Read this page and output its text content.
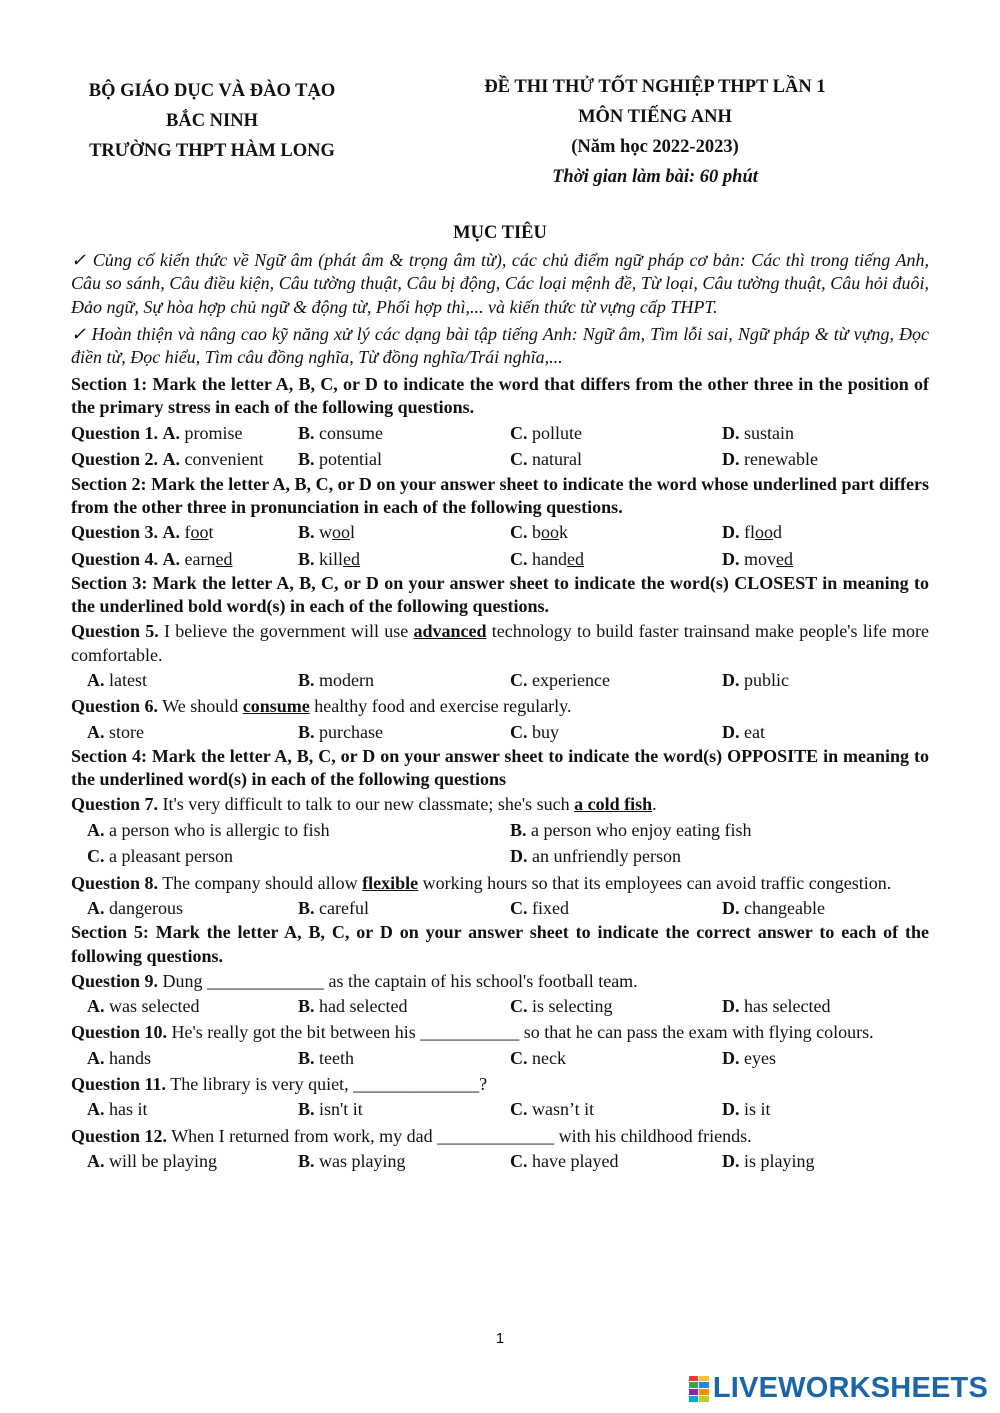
BỘ GIÁO DỤC VÀ ĐÀO TẠO
BẮC NINH
TRƯỜNG THPT HÀM LONG
ĐỀ THI THỬ TỐT NGHIỆP THPT LẦN 1
MÔN TIẾNG ANH
(Năm học 2022-2023)
Thời gian làm bài: 60 phút
MỤC TIÊU
✓ Củng cố kiến thức về Ngữ âm (phát âm & trọng âm từ), các chủ điểm ngữ pháp cơ bản: Các thì trong tiếng Anh, Câu so sánh, Câu điều kiện, Câu tường thuật, Câu bị động, Các loại mệnh đề, Từ loại, Câu tường thuật, Câu hỏi đuôi, Đảo ngữ, Sự hòa hợp chủ ngữ & động từ, Phối hợp thì,... và kiến thức từ vựng cấp THPT.
✓ Hoàn thiện và nâng cao kỹ năng xử lý các dạng bài tập tiếng Anh: Ngữ âm, Tìm lỗi sai, Ngữ pháp & từ vựng, Đọc điền từ, Đọc hiểu, Tìm câu đồng nghĩa, Từ đồng nghĩa/Trái nghĩa,...
Section 1: Mark the letter A, B, C, or D to indicate the word that differs from the other three in the position of the primary stress in each of the following questions.
Question 1. A. promise	B. consume	C. pollute	D. sustain
Question 2. A. convenient	B. potential	C. natural	D. renewable
Section 2: Mark the letter A, B, C, or D on your answer sheet to indicate the word whose underlined part differs from the other three in pronunciation in each of the following questions.
Question 3. A. foot	B. wool	C. book	D. flood
Question 4. A. earned	B. killed	C. handed	D. moved
Section 3: Mark the letter A, B, C, or D on your answer sheet to indicate the word(s) CLOSEST in meaning to the underlined bold word(s) in each of the following questions.
Question 5. I believe the government will use advanced technology to build faster trainsand make people's life more comfortable.
A. latest	B. modern	C. experience	D. public
Question 6. We should consume healthy food and exercise regularly.
A. store	B. purchase	C. buy	D. eat
Section 4: Mark the letter A, B, C, or D on your answer sheet to indicate the word(s) OPPOSITE in meaning to the underlined word(s) in each of the following questions
Question 7. It's very difficult to talk to our new classmate; she's such a cold fish.
A. a person who is allergic to fish	B. a person who enjoy eating fish
C. a pleasant person	D. an unfriendly person
Question 8. The company should allow flexible working hours so that its employees can avoid traffic congestion.
A. dangerous	B. careful	C. fixed	D. changeable
Section 5: Mark the letter A, B, C, or D on your answer sheet to indicate the correct answer to each of the following questions.
Question 9. Dung _____________ as the captain of his school's football team.
A. was selected	B. had selected	C. is selecting	D. has selected
Question 10. He's really got the bit between his ___________ so that he can pass the exam with flying colours.
A. hands	B. teeth	C. neck	D. eyes
Question 11. The library is very quiet, ______________?
A. has it	B. isn't it	C. wasn’t it	D. is it
Question 12. When I returned from work, my dad _____________ with his childhood friends.
A. will be playing	B. was playing	C. have played	D. is playing
1
LIVEWORKSHEETS
